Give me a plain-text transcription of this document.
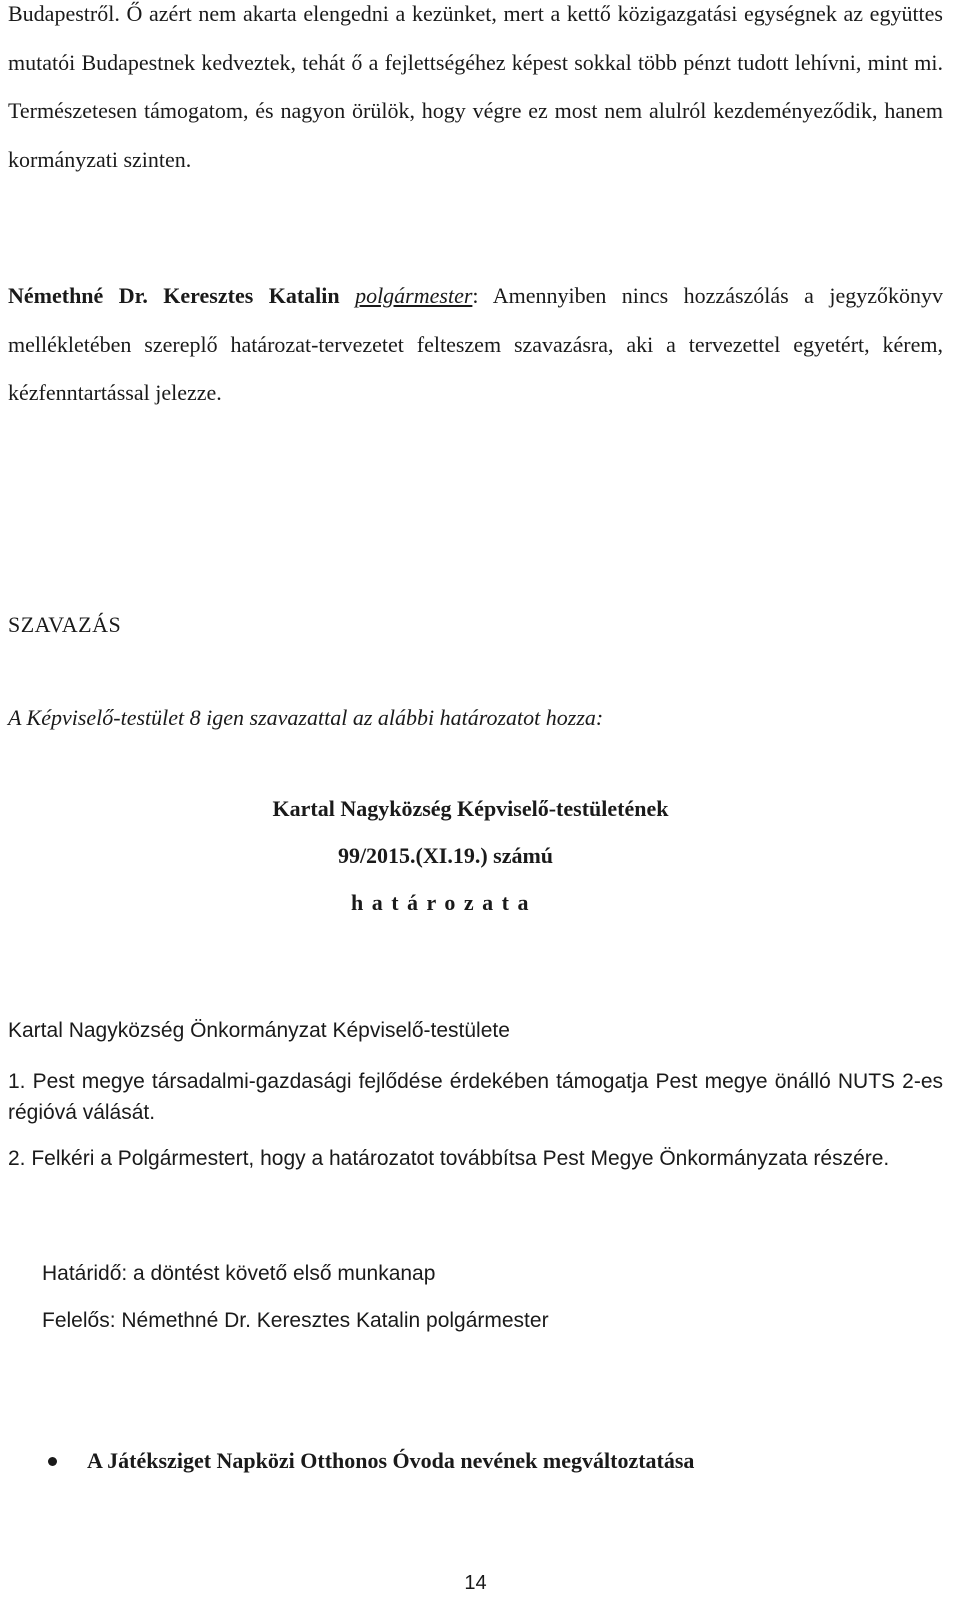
Budapestről. Ő azért nem akarta elengedni a kezünket, mert a kettő közigazgatási egységnek az együttes mutatói Budapestnek kedveztek, tehát ő a fejlettségéhez képest sokkal több pénzt tudott lehívni, mint mi. Természetesen támogatom, és nagyon örülök, hogy végre ez most nem alulról kezdeményeződik, hanem kormányzati szinten.

Némethné Dr. Keresztes Katalin polgármester: Amennyiben nincs hozzászólás a jegyzőkönyv mellékletében szereplő határozat-tervezetet felteszem szavazásra, aki a tervezettel egyetért, kérem, kézfenntartással jelezze.

SZAVAZÁS

A Képviselő-testület 8 igen szavazattal az alábbi határozatot hozza:

Kartal Nagyközség Képviselő-testületének
99/2015.(XI.19.) számú
h a t á r o z a t a

Kartal Nagyközség Önkormányzat Képviselő-testülete

1. Pest megye társadalmi-gazdasági fejlődése érdekében támogatja Pest megye önálló NUTS 2-es régióvá válását.

2. Felkéri a Polgármestert, hogy a határozatot továbbítsa Pest Megye Önkormányzata részére.

Határidő: a döntést követő első munkanap

Felelős: Némethné Dr. Keresztes Katalin polgármester

A Játéksziget Napközi Otthonos Óvoda nevének megváltoztatása
14
